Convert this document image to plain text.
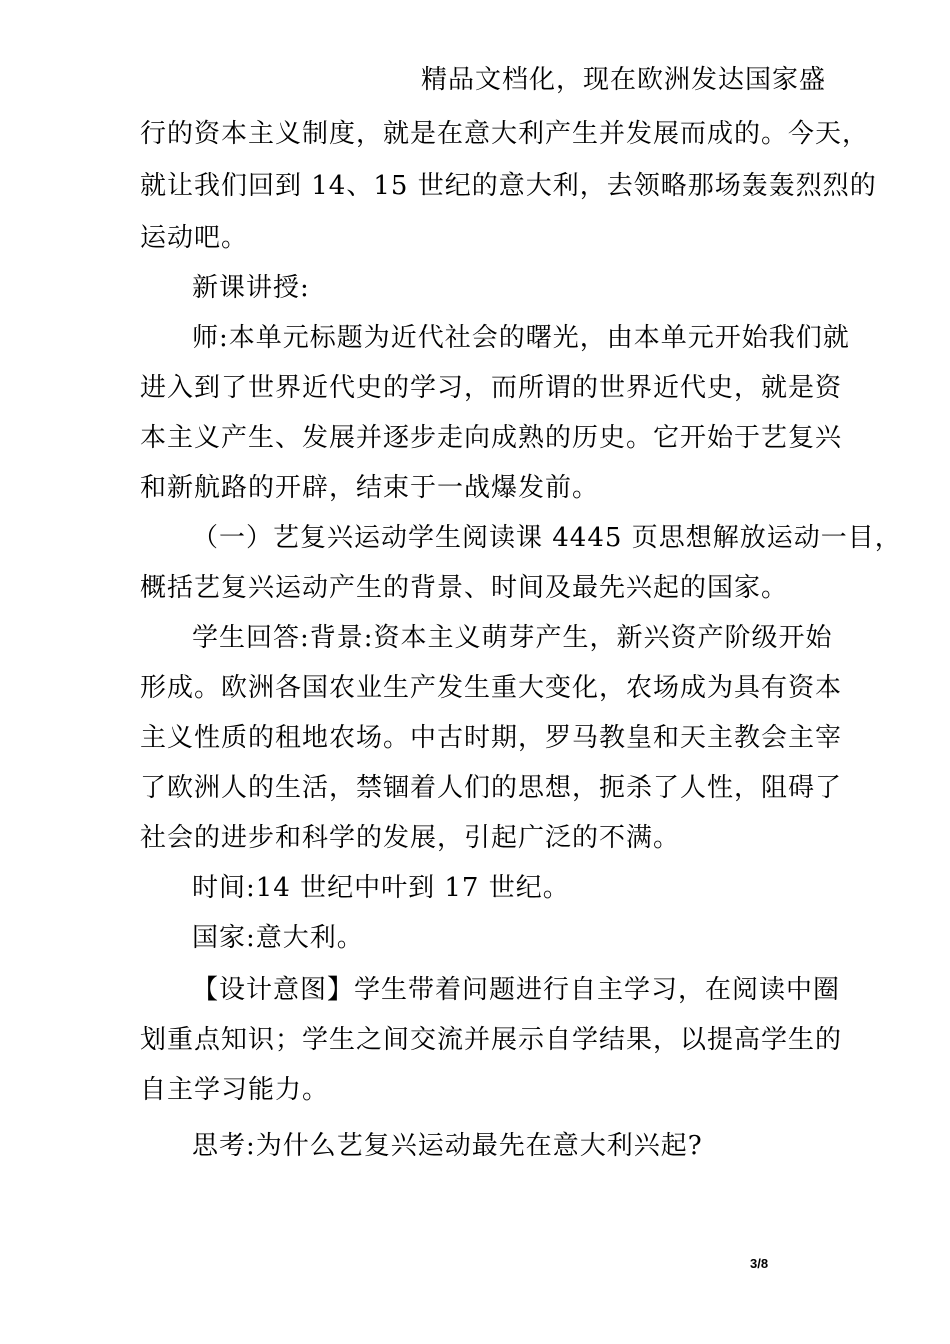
精品文档化，现在欧洲发达国家盛
行的资本主义制度，就是在意大利产生并发展而成的。今天，
就让我们回到 14、15 世纪的意大利，去领略那场轰轰烈烈的
运动吧。
新课讲授:
师:本单元标题为近代社会的曙光，由本单元开始我们就
进入到了世界近代史的学习，而所谓的世界近代史，就是资
本主义产生、发展并逐步走向成熟的历史。它开始于艺复兴
和新航路的开辟，结束于一战爆发前。
（一）艺复兴运动学生阅读课 4445 页思想解放运动一目，
概括艺复兴运动产生的背景、时间及最先兴起的国家。
学生回答:背景:资本主义萌芽产生，新兴资产阶级开始
形成。欧洲各国农业生产发生重大变化，农场成为具有资本
主义性质的租地农场。中古时期，罗马教皇和天主教会主宰
了欧洲人的生活，禁锢着人们的思想，扼杀了人性，阻碍了
社会的进步和科学的发展，引起广泛的不满。
时间:14 世纪中叶到 17 世纪。
国家:意大利。
【设计意图】学生带着问题进行自主学习，在阅读中圈
划重点知识；学生之间交流并展示自学结果，以提高学生的
自主学习能力。
思考:为什么艺复兴运动最先在意大利兴起?
3/8
